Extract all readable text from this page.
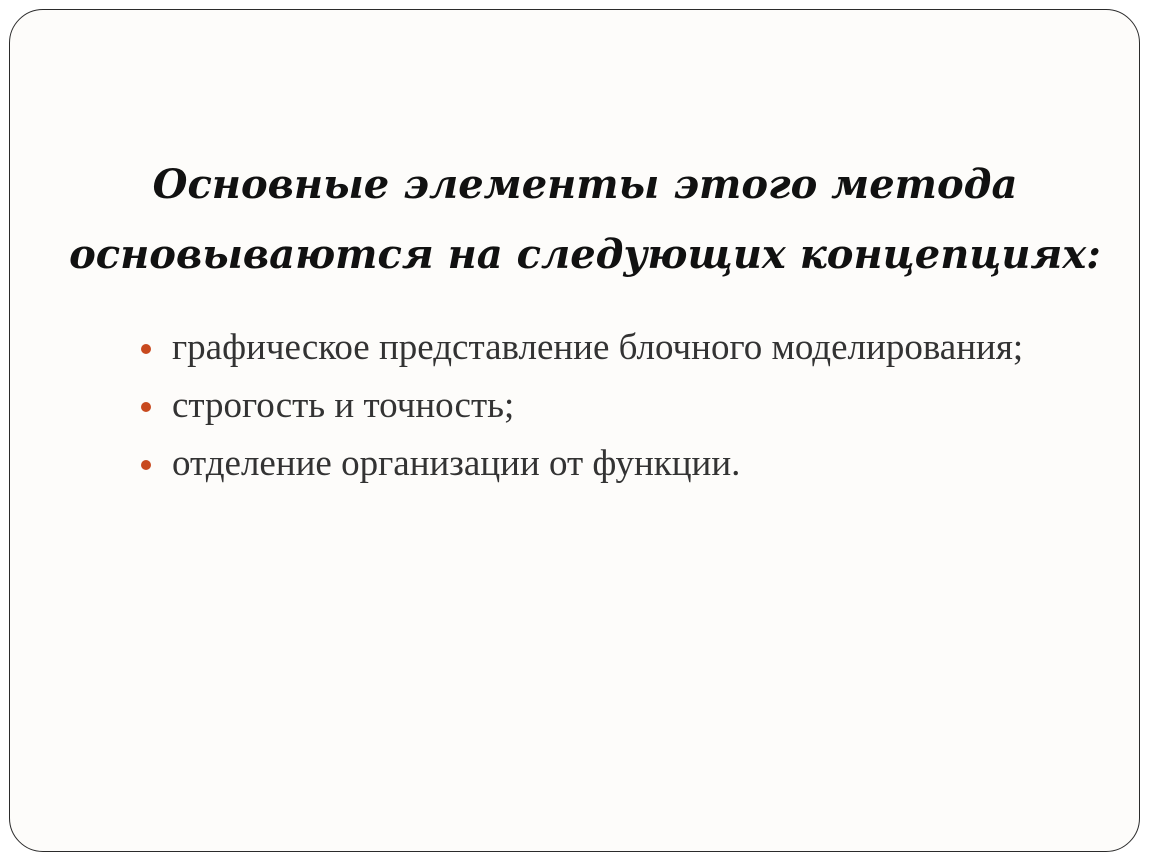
Основные элементы этого метода
основываются на следующих концепциях:
графическое представление блочного моделирования;
строгость и точность;
отделение организации от функции.
